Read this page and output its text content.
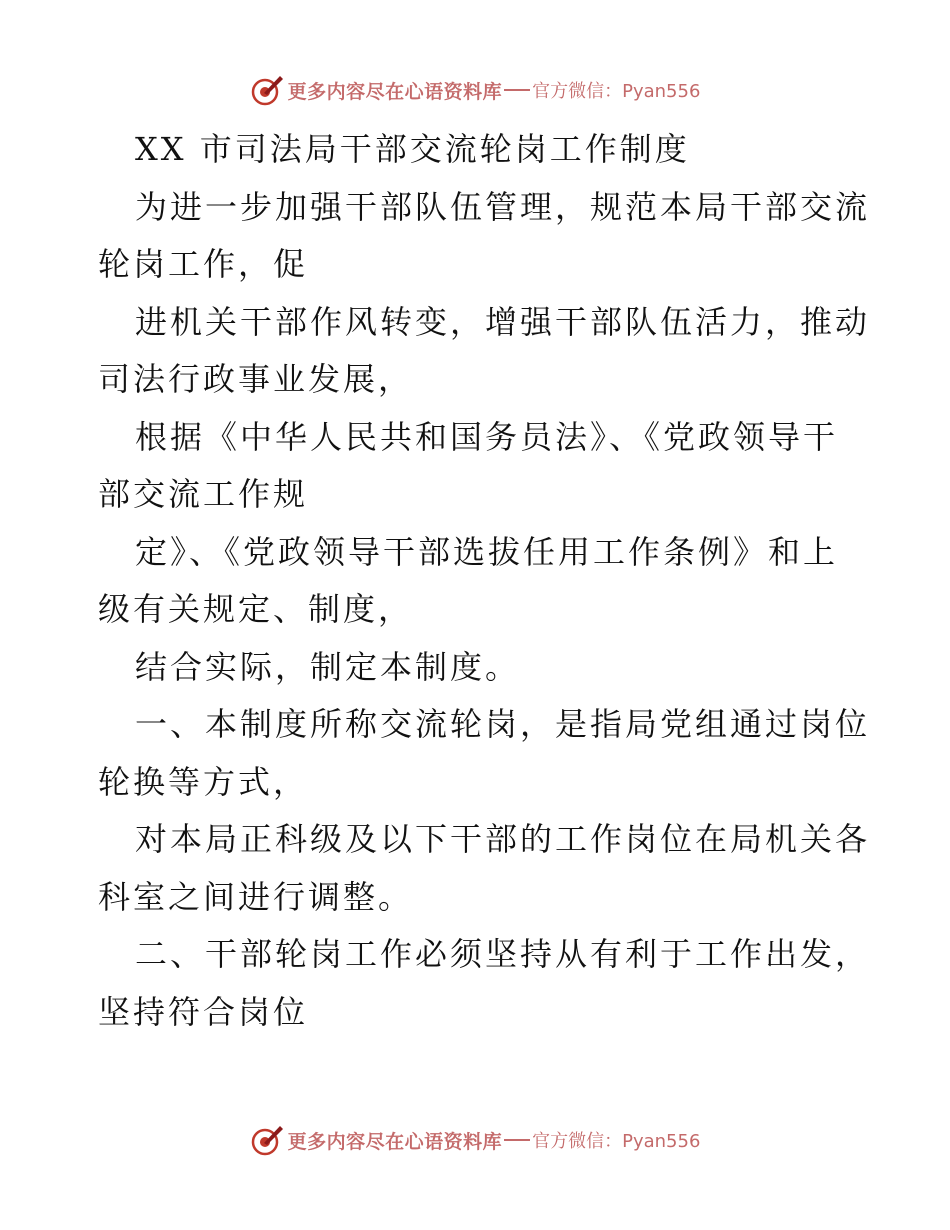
更多内容尽在心语资料库 官方微信：Pyan556

XX 市司法局干部交流轮岗工作制度

为进一步加强干部队伍管理，规范本局干部交流

轮岗工作，促

进机关干部作风转变，增强干部队伍活力，推动

司法行政事业发展，

根据《中华人民共和国务员法》、《党政领导干

部交流工作规

定》、《党政领导干部选拔任用工作条例》和上

级有关规定、制度，

结合实际，制定本制度。

一、本制度所称交流轮岗，是指局党组通过岗位

轮换等方式，

对本局正科级及以下干部的工作岗位在局机关各

科室之间进行调整。

二、干部轮岗工作必须坚持从有利于工作出发，

坚持符合岗位

更多内容尽在心语资料库 官方微信：Pyan556
